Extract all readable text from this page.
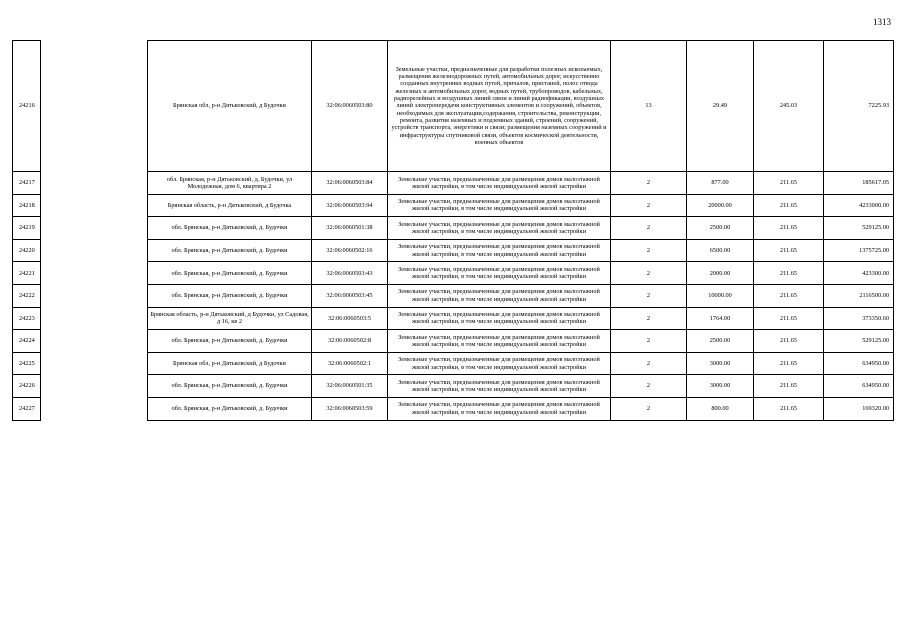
1313
24216		Брянская обл, р-н Дятьковский, д Будочки	32:06:0060503:80	Земельные участки, предназначенные для разработки полезных ископаемых, размещения железнодорожных путей, автомобильных дорог, искусственно созданных внутренних водных путей, причалов, пристаней, полос отвода железных и автомобильных дорог, водных путей, трубопроводов, кабельных, радиорелейных и воздушных линий связи и линий радиофикации, воздушных линий электропередачи конструктивных элементов и сооружений, объектов, необходимых для эксплуатации,содержания, строительства, реконструкции, ремонта, развития наземных и подземных зданий, строений, сооружений, устройств транспорта, энергетики и связи; размещения наземных сооружений и инфраструктуры спутниковой связи, объектов космической деятельности, военных объектов	13	29.49	245.03	7225.93
24217		обл. Брянская, р-н Дятьковский, д. Будочки, ул Молодежная, дом 6, квартира 2	32:06:0060503:84	Земельные участки, предназначенные для размещения домов малоэтажной жилой застройки, в том числе индивидуальной жилой застройки	2	877.00	211.65	185617.05
24218		Брянская область, р-н Дятьковский, д Будочка	32:06:0060503:94	Земельные участки, предназначенные для размещения домов малоэтажной жилой застройки, в том числе индивидуальной жилой застройки	2	20000.00	211.65	4233000.00
24219		обл. Брянская, р-н Дятьковский, д. Будочки	32:06:0060501:38	Земельные участки, предназначенные для размещения домов малоэтажной жилой застройки, в том числе индивидуальной жилой застройки	2	2500.00	211.65	529125.00
24220		обл. Брянская, р-н Дятьковский, д. Будочки	32:06:0060502:16	Земельные участки, предназначенные для размещения домов малоэтажной жилой застройки, в том числе индивидуальной жилой застройки	2	6500.00	211.65	1375725.00
24221		обл. Брянская, р-н Дятьковский, д. Будочки	32:06:0060503:43	Земельные участки, предназначенные для размещения домов малоэтажной жилой застройки, в том числе индивидуальной жилой застройки	2	2000.00	211.65	423300.00
24222		обл. Брянская, р-н Дятьковский, д. Будочки	32:06:0060503:45	Земельные участки, предназначенные для размещения домов малоэтажной жилой застройки, в том числе индивидуальной жилой застройки	2	10000.00	211.65	2116500.00
24223		Брянская область, р-н Дятьковский, д Будочки, ул Садовая, д 16, кв 2	32:06:0060503:5	Земельные участки, предназначенные для размещения домов малоэтажной жилой застройки, в том числе индивидуальной жилой застройки	2	1764.00	211.65	373350.60
24224		обл. Брянская, р-н Дятьковский, д. Будочки	32:06:0060502:8	Земельные участки, предназначенные для размещения домов малоэтажной жилой застройки, в том числе индивидуальной жилой застройки	2	2500.00	211.65	529125.00
24225		Брянская обл, р-н Дятьковский, д Будочки	32:06:0060502:1	Земельные участки, предназначенные для размещения домов малоэтажной жилой застройки, в том числе индивидуальной жилой застройки	2	3000.00	211.65	634950.00
24226		обл. Брянская, р-н Дятьковский, д. Будочки	32:06:0060501:35	Земельные участки, предназначенные для размещения домов малоэтажной жилой застройки, в том числе индивидуальной жилой застройки	2	3000.00	211.65	634950.00
24227		обл. Брянская, р-н Дятьковский, д. Будочки	32:06:0060503:59	Земельные участки, предназначенные для размещения домов малоэтажной жилой застройки, в том числе индивидуальной жилой застройки	2	800.00	211.65	169320.00
